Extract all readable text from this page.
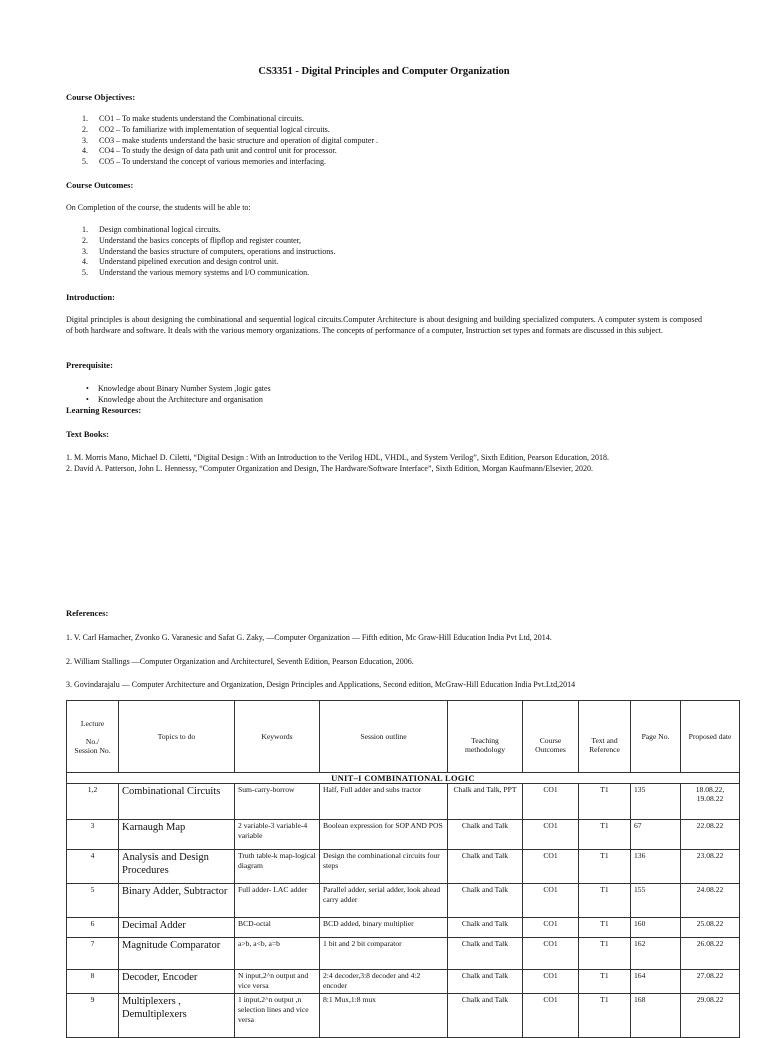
CS3351 - Digital Principles and Computer Organization
Course Objectives:
1. CO1 – To make students understand the Combinational circuits.
2. CO2 – To familiarize with implementation of sequential logical circuits.
3. CO3 – make students understand the basic structure and operation of digital computer .
4. CO4 – To study the design of data path unit and control unit for processor.
5. CO5 – To understand the concept of various memories and interfacing.
Course Outcomes:
On Completion of the course, the students will be able to:
1. Design combinational logical circuits.
2. Understand the basics concepts of flipflop and register counter,
3. Understand the basics structure of computers, operations and instructions.
4. Understand pipelined execution and design control unit.
5. Understand the various memory systems and I/O communication.
Introduction:
Digital principles is about designing the combinational and sequential logical circuits.Computer Architecture is about designing and building specialized computers. A computer system is composed of both hardware and software. It deals with the various memory organizations. The concepts of performance of a computer, Instruction set types and formats are discussed in this subject.
Prerequisite:
• Knowledge about Binary Number System ,logic gates
• Knowledge about the Architecture and organisation
Learning Resources:
Text Books:
1. M. Morris Mano, Michael D. Ciletti, “Digital Design : With an Introduction to the Verilog HDL, VHDL, and System Verilog”, Sixth Edition, Pearson Education, 2018.
2. David A. Patterson, John L. Hennessy, “Computer Organization and Design, The Hardware/Software Interface”, Sixth Edition, Morgan Kaufmann/Elsevier, 2020.
References:
1. V. Carl Hamacher, Zvonko G. Varanesic and Safat G. Zaky, ―Computer Organization ― Fifth edition, Mc Graw-Hill Education India Pvt Ltd, 2014.
2. William Stallings ―Computer Organization and Architecture‖, Seventh Edition, Pearson Education, 2006.
3. Govindarajalu ― Computer Architecture and Organization, Design Principles and Applications, Second edition, McGraw-Hill Education India Pvt.Ltd,2014
Lecture

No./
Session No.	Topics to do	Keywords	Session outline	Teaching methodology	Course Outcomes	Text and Reference	Page No.	Proposed date
UNIT–I COMBINATIONAL LOGIC								
1,2	Combinational Circuits	Sum-carry-borrow	Half, Full adder and subs tractor	Chalk and Talk, PPT	CO1	T1	135	18.08.22, 19.08.22
3	Karnaugh Map	2 variable-3 variable-4 variable	Boolean expression for SOP AND POS	Chalk and Talk	CO1	T1	67	22.08.22
4	Analysis and Design Procedures	Truth table-k map-logical diagram	Design the combinational circuits four steps	Chalk and Talk	CO1	T1	136	23.08.22
5	Binary Adder, Subtractor	Full adder- LAC adder	Parallel adder, serial adder, look ahead carry adder	Chalk and Talk	CO1	T1	155	24.08.22
6	Decimal Adder	BCD-octal	BCD added, binary multiplier	Chalk and Talk	CO1	T1	160	25.08.22
7	Magnitude Comparator	a>b, a<b, a=b	1 bit and 2 bit comparator	Chalk and Talk	CO1	T1	162	26.08.22
8	Decoder, Encoder	N input,2^n output and vice versa	2:4 decoder,3:8 decoder and 4:2 encoder	Chalk and Talk	CO1	T1	164	27.08.22
9	Multiplexers , Demultiplexers	1 input,2^n output ,n selection lines and vice versa	8:1 Mux,1:8 mux	Chalk and Talk	CO1	T1	168	29.08.22
